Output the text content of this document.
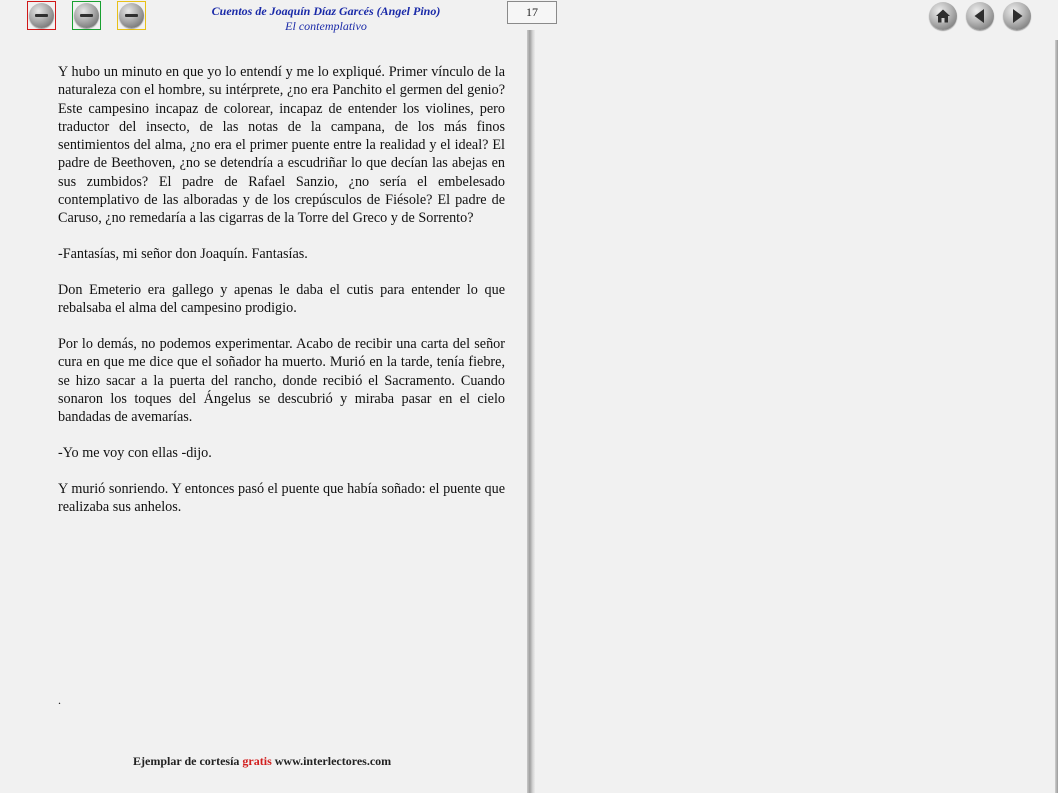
Cuentos de Joaquín Díaz Garcés (Angel Pino)
El contemplativo
17

Y hubo un minuto en que yo lo entendí y me lo expliqué. Primer vínculo de la naturaleza con el hombre, su intérprete, ¿no era Panchito el germen del genio? Este campesino incapaz de colorear, incapaz de entender los violines, pero traductor del insecto, de las notas de la campana, de los más finos sentimientos del alma, ¿no era el primer puente entre la realidad y el ideal? El padre de Beethoven, ¿no se detendría a escudriñar lo que decían las abejas en sus zumbidos? El padre de Rafael Sanzio, ¿no sería el embelesado contemplativo de las alboradas y de los crepúsculos de Fiésole? El padre de Caruso, ¿no remedaría a las cigarras de la Torre del Greco y de Sorrento?

-Fantasías, mi señor don Joaquín. Fantasías.

Don Emeterio era gallego y apenas le daba el cutis para entender lo que rebalsaba el alma del campesino prodigio.

Por lo demás, no podemos experimentar. Acabo de recibir una carta del señor cura en que me dice que el soñador ha muerto. Murió en la tarde, tenía fiebre, se hizo sacar a la puerta del rancho, donde recibió el Sacramento. Cuando sonaron los toques del Ángelus se descubrió y miraba pasar en el cielo bandadas de avemarías.

-Yo me voy con ellas -dijo.

Y murió sonriendo. Y entonces pasó el puente que había soñado: el puente que realizaba sus anhelos.

.
Ejemplar de cortesía gratis www.interlectores.com
